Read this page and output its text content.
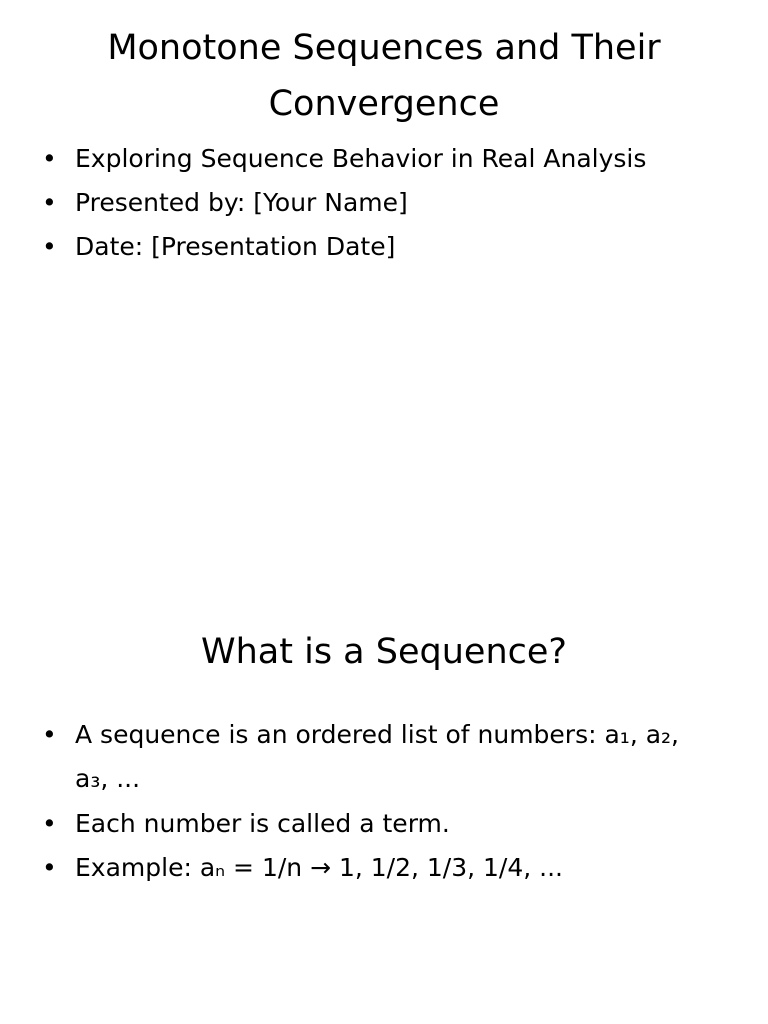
Monotone Sequences and Their Convergence
• Exploring Sequence Behavior in Real Analysis
• Presented by: [Your Name]
• Date: [Presentation Date]
What is a Sequence?
• A sequence is an ordered list of numbers: a₁, a₂, a₃, ...
• Each number is called a term.
• Example: aₙ = 1/n → 1, 1/2, 1/3, 1/4, ...
